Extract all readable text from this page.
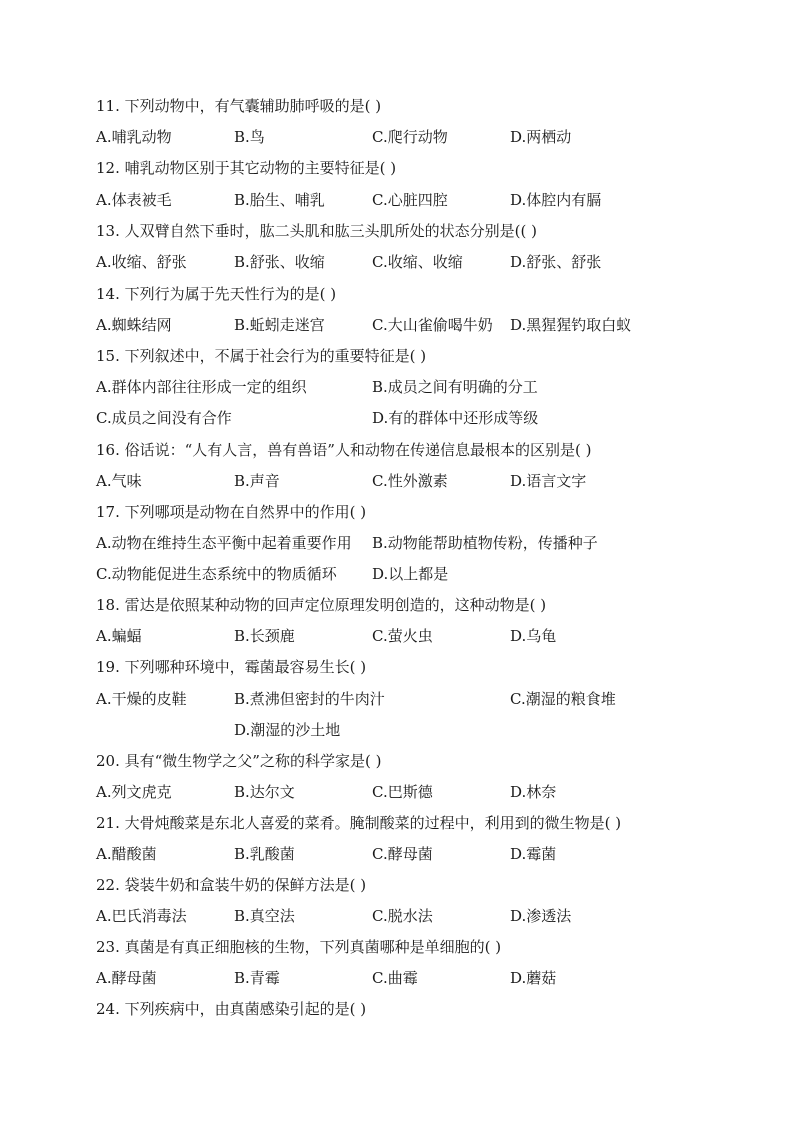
11. 下列动物中，有气囊辅助肺呼吸的是( )
A.哺乳动物	B.鸟	C.爬行动物	D.两栖动
12. 哺乳动物区别于其它动物的主要特征是( )
A.体表被毛	B.胎生、哺乳	C.心脏四腔	D.体腔内有膈
13. 人双臂自然下垂时，肱二头肌和肱三头肌所处的状态分别是(( )
A.收缩、舒张	B.舒张、收缩	C.收缩、收缩	D.舒张、舒张
14. 下列行为属于先天性行为的是( )
A.蜘蛛结网	B.蚯蚓走迷宫	C.大山雀偷喝牛奶 D.黑猩猩钓取白蚁
15. 下列叙述中，不属于社会行为的重要特征是( )
A.群体内部往往形成一定的组织	B.成员之间有明确的分工
C.成员之间没有合作	D.有的群体中还形成等级
16. 俗话说：“人有人言，兽有兽语”人和动物在传递信息最根本的区别是( )
A.气味	B.声音	C.性外激素	D.语言文字
17. 下列哪项是动物在自然界中的作用( )
A.动物在维持生态平衡中起着重要作用 B.动物能帮助植物传粉，传播种子
C.动物能促进生态系统中的物质循环 D.以上都是
18. 雷达是依照某种动物的回声定位原理发明创造的，这种动物是( )
A.蝙蝠	B.长颈鹿	C.萤火虫	D.乌龟
19. 下列哪种环境中，霉菌最容易生长( )
A.干燥的皮鞋	B.煮沸但密封的牛肉汁	C.潮湿的粮食堆
D.潮湿的沙土地
20. 具有“微生物学之父”之称的科学家是( )
A.列文虎克	B.达尔文	C.巴斯德	D.林奈
21. 大骨炖酸菜是东北人喜爱的菜肴。腌制酸菜的过程中，利用到的微生物是( )
A.醋酸菌	B.乳酸菌	C.酵母菌	D.霉菌
22. 袋装牛奶和盒装牛奶的保鲜方法是( )
A.巴氏消毒法	B.真空法	C.脱水法	D.渗透法
23. 真菌是有真正细胞核的生物，下列真菌哪种是单细胞的( )
A.酵母菌	B.青霉	C.曲霉	D.蘑菇
24. 下列疾病中，由真菌感染引起的是( )
